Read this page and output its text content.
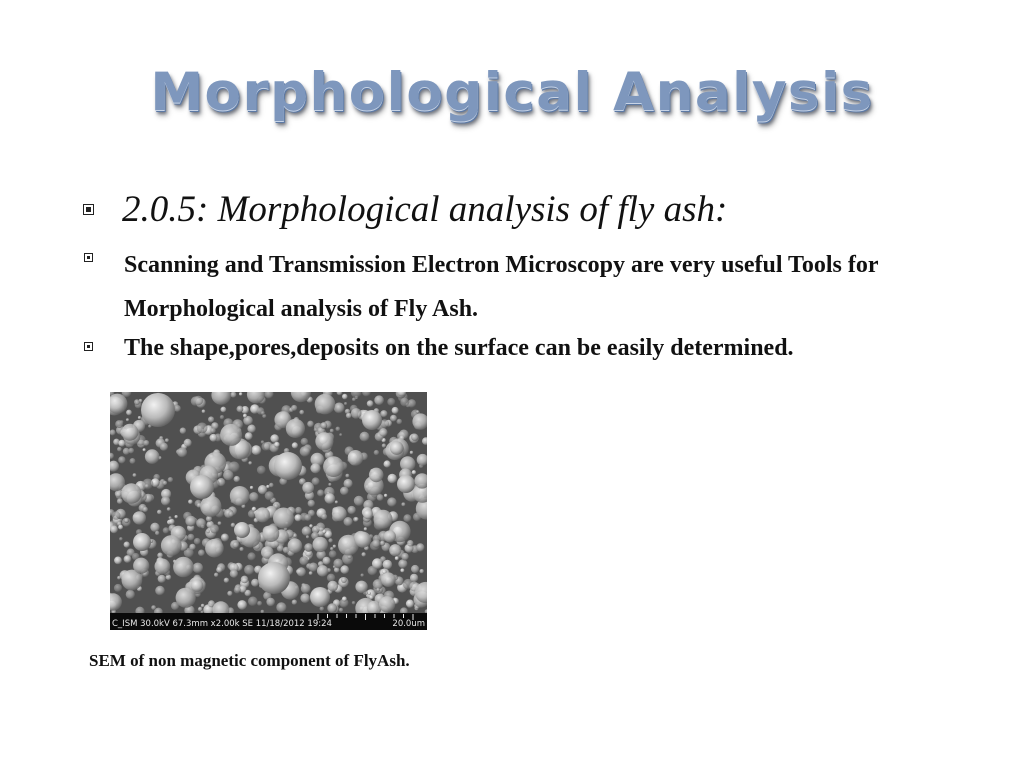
Morphological Analysis
2.0.5: Morphological analysis of fly ash:
Scanning and Transmission Electron Microscopy are very useful Tools for Morphological analysis of Fly Ash.
The shape,pores,deposits on the surface can be easily determined.
C_ISM 30.0kV 67.3mm x2.00k SE 11/18/2012 19:24	20.0um
SEM of non magnetic component of FlyAsh.
